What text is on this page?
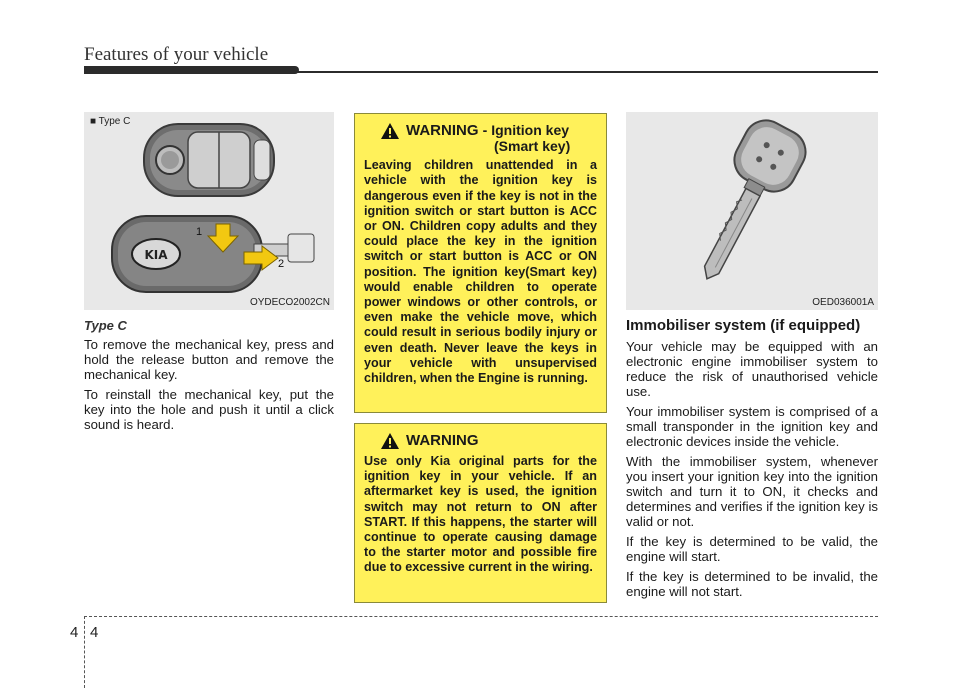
Features of your vehicle
■ Type C
KIA
1
2
OYDECO2002CN

Type C

To remove the mechanical key, press and hold the release button and remove the mechanical key.

To reinstall the mechanical key, put the key into the hole and push it until a click sound is heard.

WARNING - Ignition key
(Smart key)
Leaving children unattended in a vehicle with the ignition key is dangerous even if the key is not in the ignition switch or start button is ACC or ON. Children copy adults and they could place the key in the ignition switch or start button is ACC or ON position. The ignition key(Smart key) would enable children to operate power windows or other controls, or even make the vehicle move, which could result in serious bodily injury or even death. Never leave the keys in your vehicle with unsupervised children, when the Engine is running.
WARNING
Use only Kia original parts for the ignition key in your vehicle. If an aftermarket key is used, the ignition switch may not return to ON after START. If this happens, the starter will continue to operate causing damage to the starter motor and possible fire due to excessive current in the wiring.
OED036001A

Immobiliser system (if equipped)

Your vehicle may be equipped with an electronic engine immobiliser system to reduce the risk of unauthorised vehicle use.

Your immobiliser system is comprised of a small transponder in the ignition key and electronic devices inside the vehicle.

With the immobiliser system, whenever you insert your ignition key into the ignition switch and turn it to ON, it checks and determines and verifies if the ignition key is valid or not.

If the key is determined to be valid, the engine will start.

If the key is determined to be invalid, the engine will not start.

4 4
